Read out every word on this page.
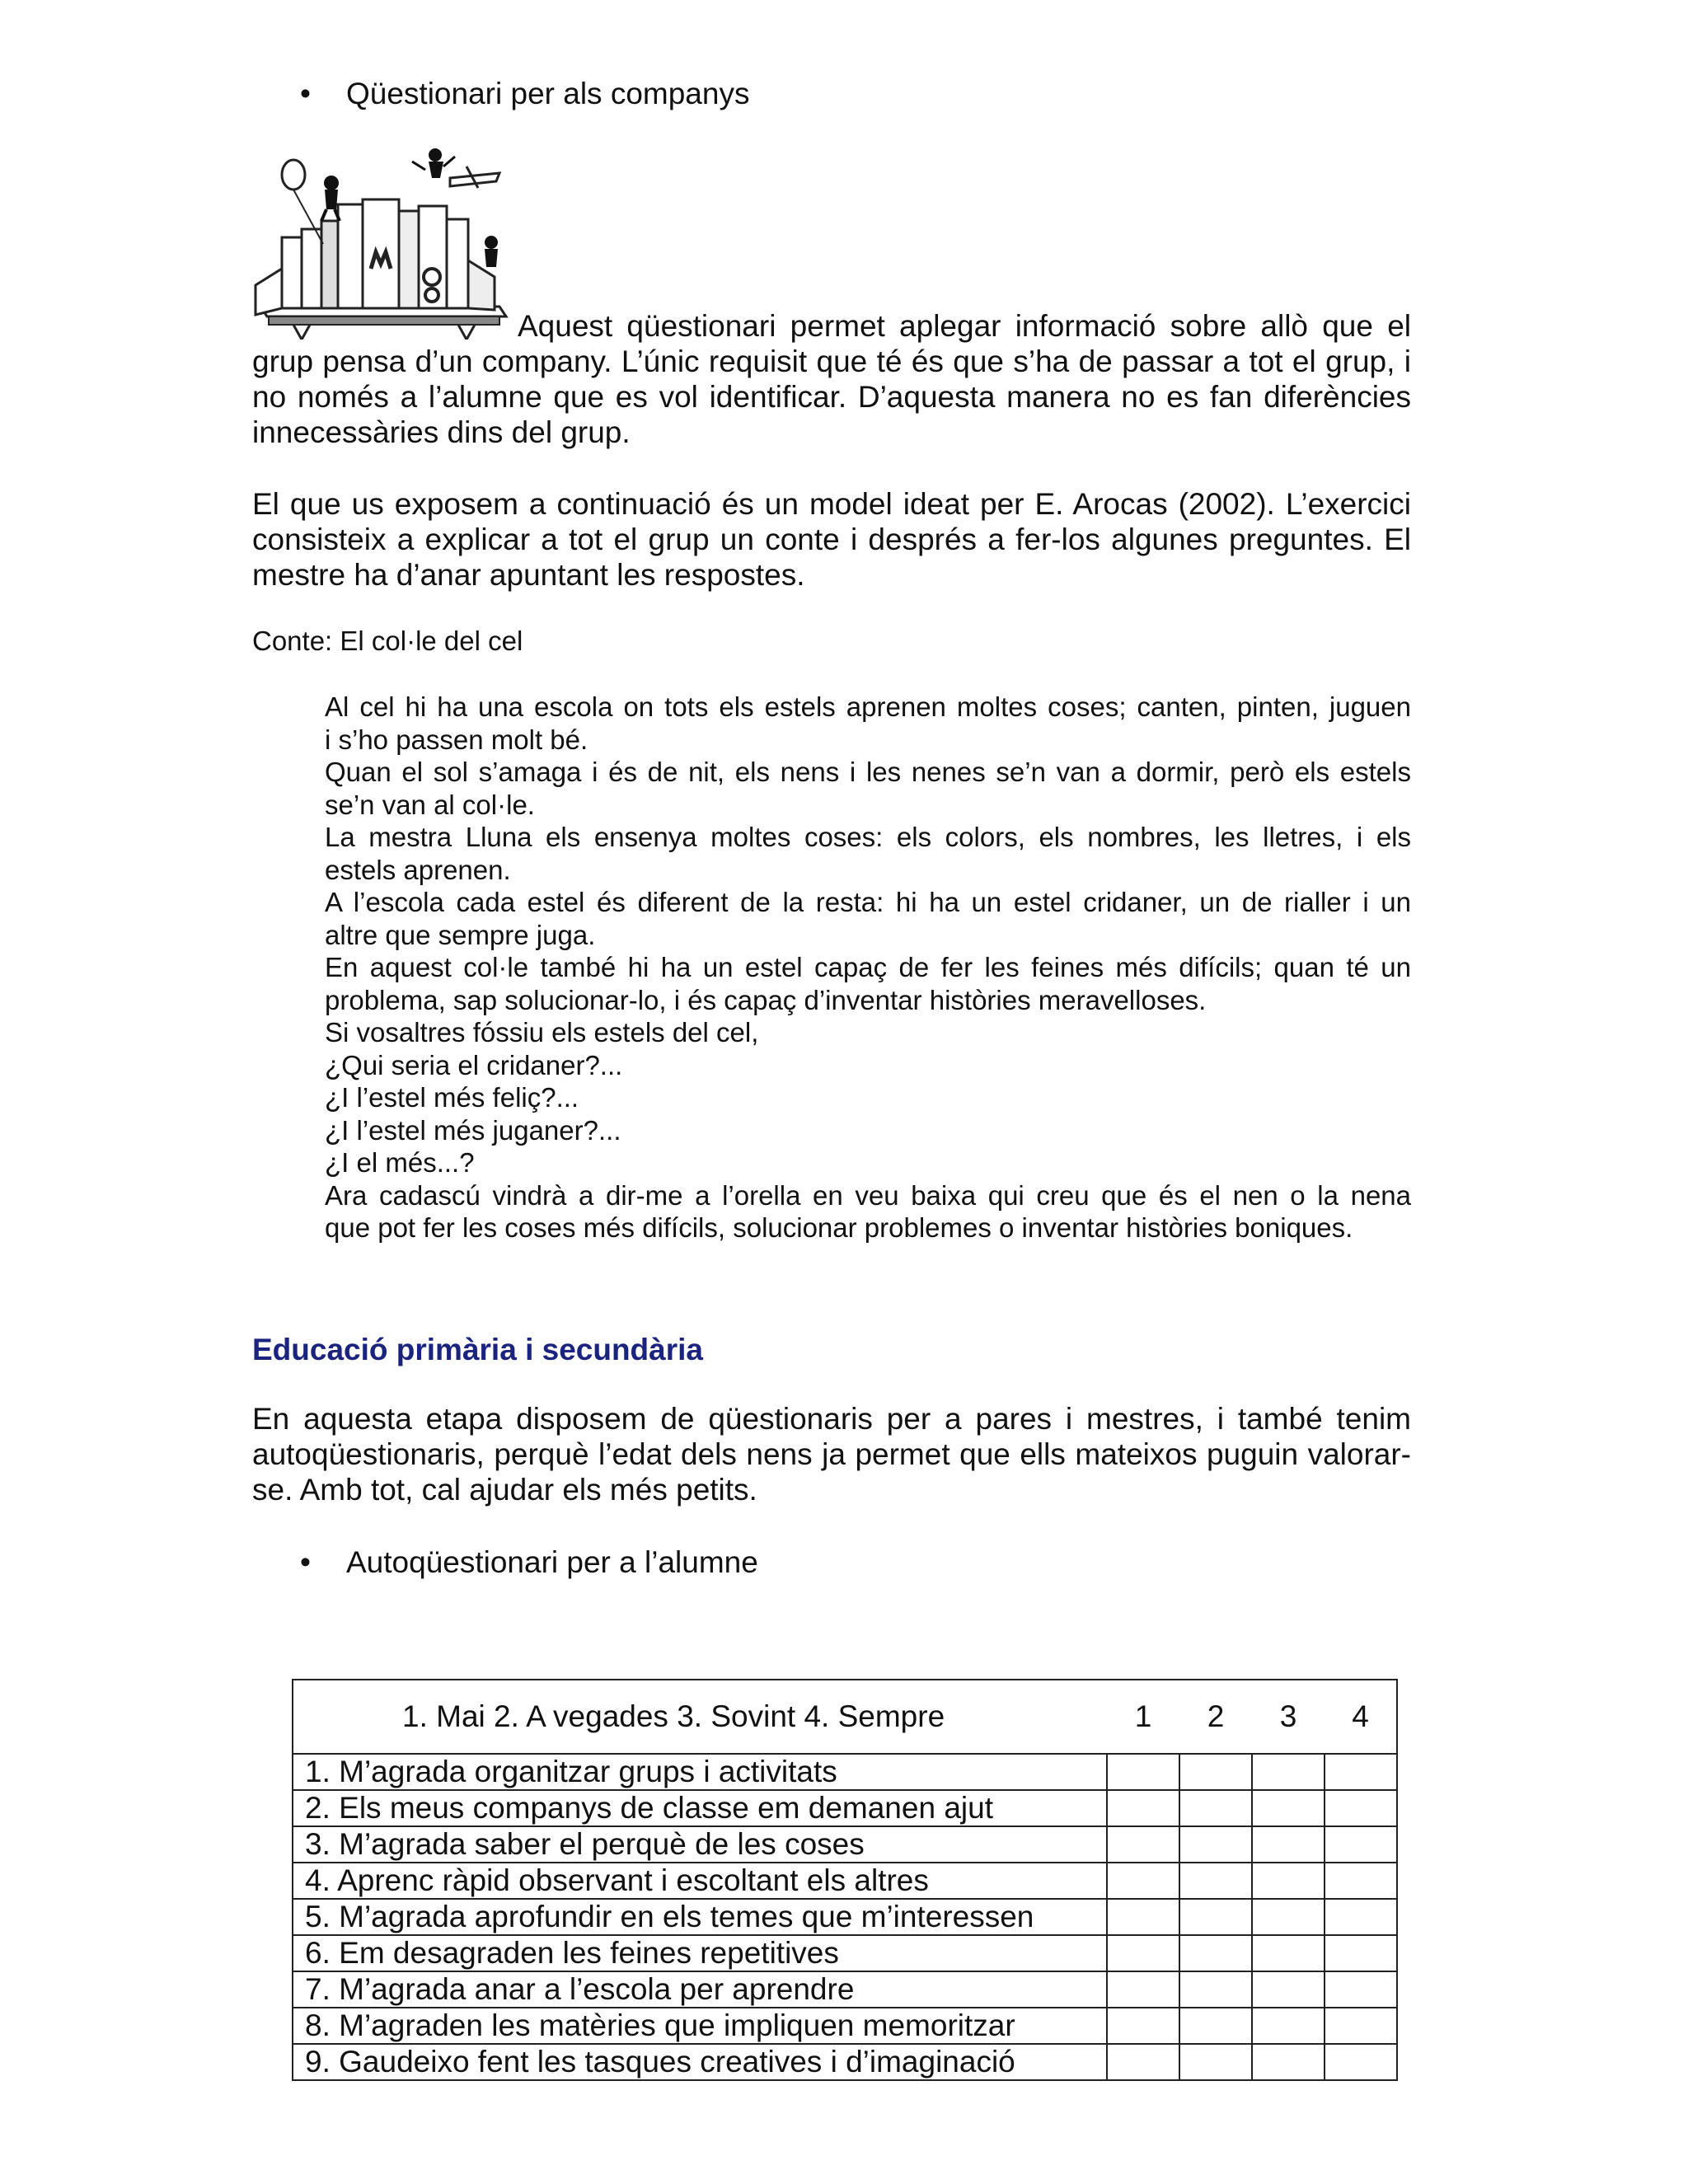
• Qüestionari per als companys

Aquest qüestionari permet aplegar informació sobre allò que el

grup pensa d’un company. L’únic requisit que té és que s’ha de passar a tot el grup, i

no només a l’alumne que es vol identificar. D’aquesta manera no es fan diferències

innecessàries dins del grup.

El que us exposem a continuació és un model ideat per E. Arocas (2002). L’exercici

consisteix a explicar a tot el grup un conte i després a fer-los algunes preguntes. El

mestre ha d’anar apuntant les respostes.

Conte: El col·le del cel

Al cel hi ha una escola on tots els estels aprenen moltes coses; canten, pinten, juguen

i s’ho passen molt bé.

Quan el sol s’amaga i és de nit, els nens i les nenes se’n van a dormir, però els estels

se’n van al col·le.

La mestra Lluna els ensenya moltes coses: els colors, els nombres, les lletres, i els

estels aprenen.

A l’escola cada estel és diferent de la resta: hi ha un estel cridaner, un de rialler i un

altre que sempre juga.

En aquest col·le també hi ha un estel capaç de fer les feines més difícils; quan té un

problema, sap solucionar-lo, i és capaç d’inventar històries meravelloses.

Si vosaltres fóssiu els estels del cel,

¿Qui seria el cridaner?...

¿I l’estel més feliç?...

¿I l’estel més juganer?...

¿I el més...?

Ara cadascú vindrà a dir-me a l’orella en veu baixa qui creu que és el nen o la nena

que pot fer les coses més difícils, solucionar problemes o inventar històries boniques.

Educació primària i secundària

En aquesta etapa disposem de qüestionaris per a pares i mestres, i també tenim

autoqüestionaris, perquè l’edat dels nens ja permet que ells mateixos puguin valorar-

se. Amb tot, cal ajudar els més petits.

• Autoqüestionari per a l’alumne
1. Mai 2. A vegades 3. Sovint 4. Sempre	1	2	3	4
1. M’agrada organitzar grups i activitats				
2. Els meus companys de classe em demanen ajut				
3. M’agrada saber el perquè de les coses				
4. Aprenc ràpid observant i escoltant els altres				
5. M’agrada aprofundir en els temes que m’interessen				
6. Em desagraden les feines repetitives				
7. M’agrada anar a l’escola per aprendre				
8. M’agraden les matèries que impliquen memoritzar				
9. Gaudeixo fent les tasques creatives i d’imaginació				
